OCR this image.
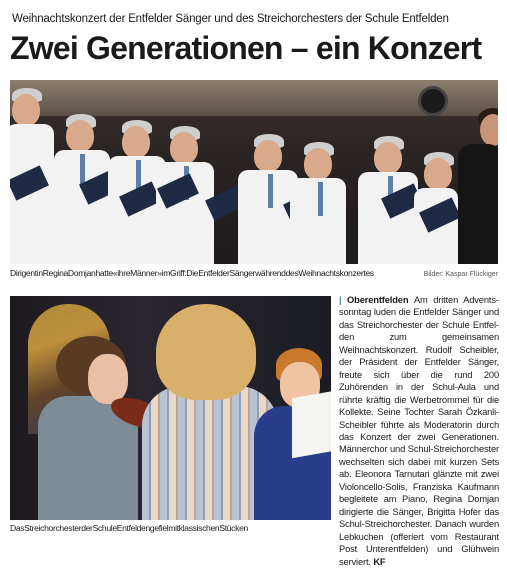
Weihnachtskonzert der Entfelder Sänger und des Streichorchesters der Schule Entfelden
Zwei Generationen – ein Konzert
DirigentinReginaDomjanhatte«ihreMänner»imGriff:DieEntfelderSängerwährenddesWeihnachtskonzertes	Bilder: Kaspar Flückiger
DasStreichorchesterderSchuleEntfeldengefielmitklassischenStücken
| Oberentfelden Am dritten Adventssonntag luden die Entfelder Sänger und das Streichorchester der Schule Entfelden zum gemeinsamen Weihnachtskonzert. Rudolf Scheibler, der Präsident der Entfelder Sänger, freute sich über die rund 200 Zuhörenden in der Schul-Aula und rührte kräftig die Werbetrommel für die Kollekte. Seine Tochter Sarah Özkanli-Scheibler führte als Moderatorin durch das Konzert der zwei Generationen. Männerchor und Schul-Streichorchester wechselten sich dabei mit kurzen Sets ab. Eleonora Tarnutari glänzte mit zwei Violoncello-Solis, Franziska Kaufmann begleitete am Piano, Regina Domjan dirigierte die Sänger, Brigitta Hofer das Schul-Streichorchester. Danach wurden Lebkuchen (offeriert vom Restaurant Post Unterentfelden) und Glühwein serviert. KF
